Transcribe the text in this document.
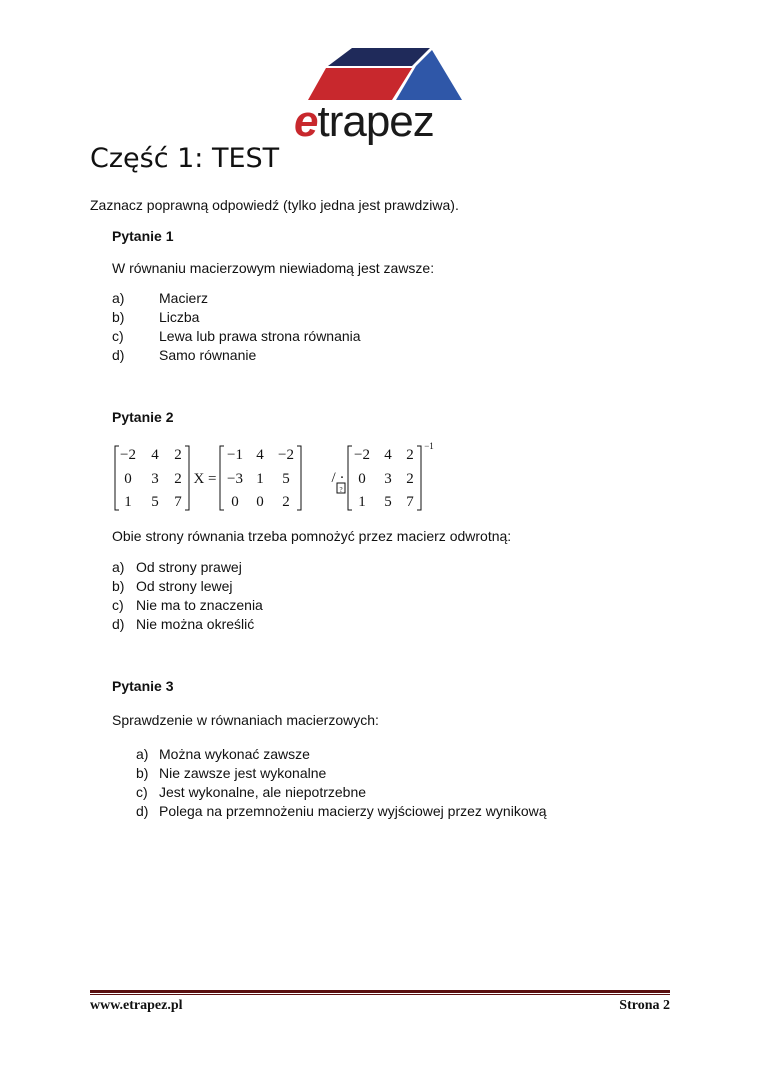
etrapez
Część 1: TEST
Zaznacz poprawną odpowiedź (tylko jedna jest prawdziwa).
Pytanie 1
W równaniu macierzowym niewiadomą jest zawsze:
a) Macierz
b) Liczba
c)	Lewa lub prawa strona równania
d) Samo równanie
Pytanie 2
−2 4 2
0 3 2
1 5 7
X =
−1 4 −2
−3 1 5
0 0 2
/ ·
?
−2 4 2
0 3 2
1 5 7
−1
Obie strony równania trzeba pomnożyć przez macierz odwrotną:
a) Od strony prawej
b) Od strony lewej
c) Nie ma to znaczenia
d) Nie można określić
Pytanie 3
Sprawdzenie w równaniach macierzowych:
a) Można wykonać zawsze
b) Nie zawsze jest wykonalne
c) Jest wykonalne, ale niepotrzebne
d) Polega na przemnożeniu macierzy wyjściowej przez wynikową
www.etrapez.pl	Strona 2
